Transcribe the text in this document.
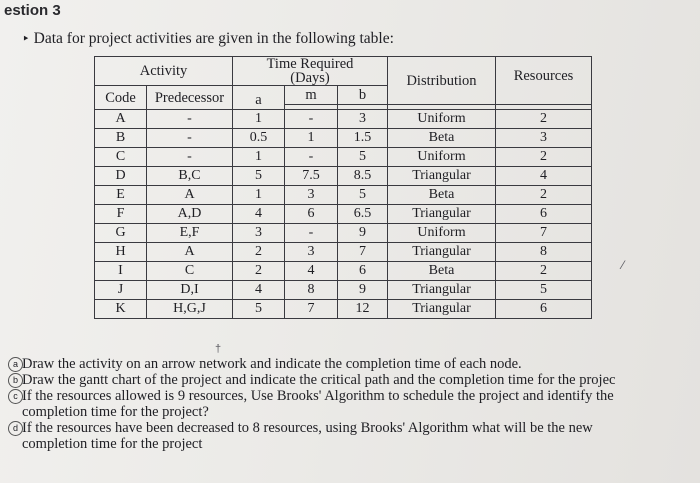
estion 3
‣ Data for project activities are given in the following table:
Activity		Time Required
(Days)			Distribution	Resources
Code	Predecessor	a	m	b		

A	-	1	-	3	Uniform	2
B	-	0.5	1	1.5	Beta	3
C	-	1	-	5	Uniform	2
D	B,C	5	7.5	8.5	Triangular	4
E	A	1	3	5	Beta	2
F	A,D	4	6	6.5	Triangular	6
G	E,F	3	-	9	Uniform	7
H	A	2	3	7	Triangular	8
I	C	2	4	6	Beta	2
J	D,I	4	8	9	Triangular	5
K	H,G,J	5	7	12	Triangular	6
⁄
†
a Draw the activity on an arrow network and indicate the completion time of each node.
b Draw the gantt chart of the project and indicate the critical path and the completion time for the projec
c If the resources allowed is 9 resources, Use Brooks' Algorithm to schedule the project and identify the
completion time for the project?
d If the resources have been decreased to 8 resources, using Brooks' Algorithm what will be the new
completion time for the project
